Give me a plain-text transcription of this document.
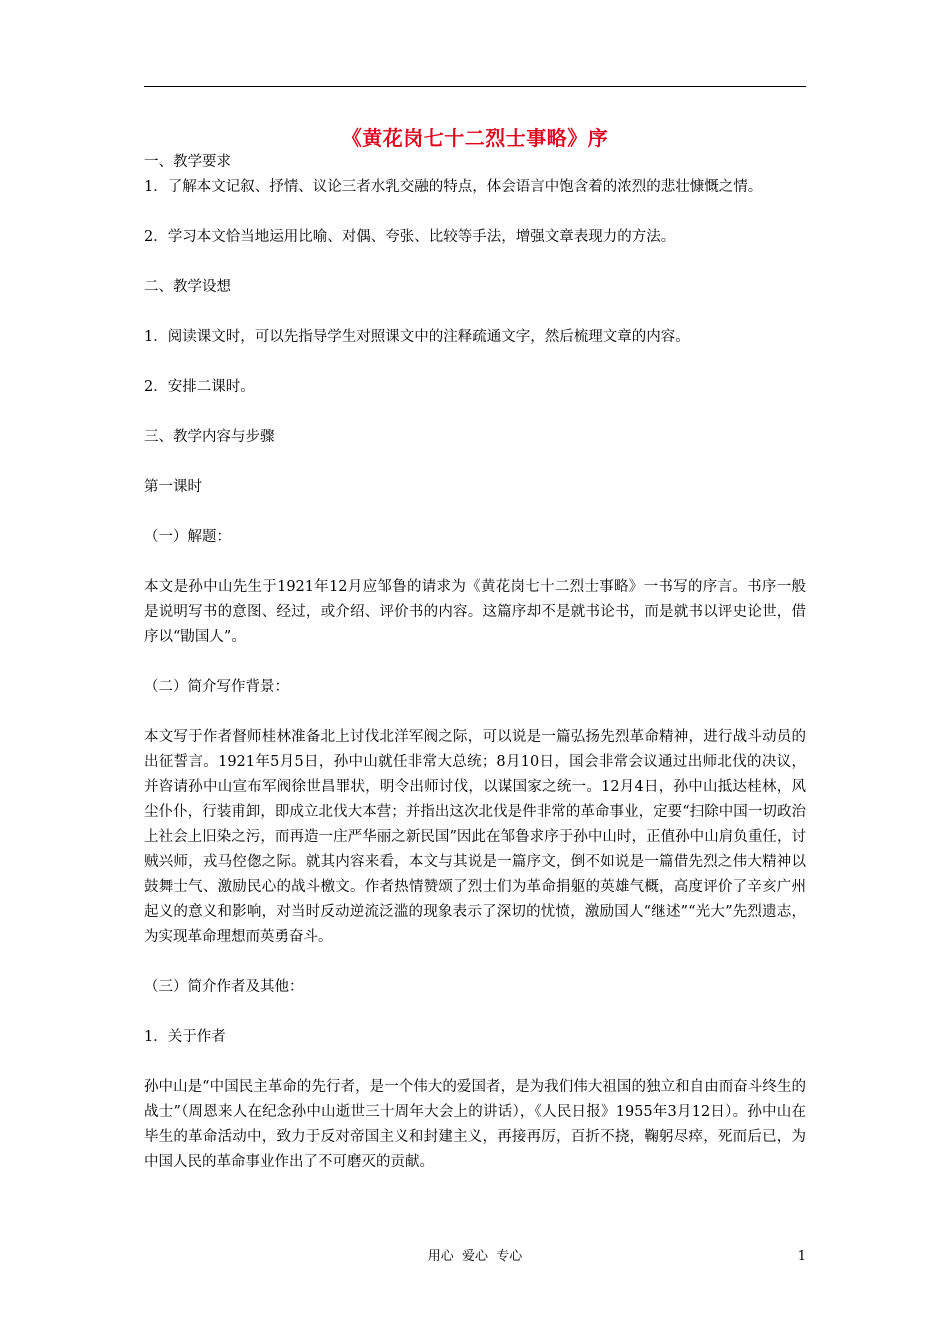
《黄花岗七十二烈士事略》序

一、教学要求

1．了解本文记叙、抒情、议论三者水乳交融的特点，体会语言中饱含着的浓烈的悲壮慷慨之情。

2．学习本文恰当地运用比喻、对偶、夸张、比较等手法，增强文章表现力的方法。

二、教学设想

1．阅读课文时，可以先指导学生对照课文中的注释疏通文字，然后梳理文章的内容。

2．安排二课时。

三、教学内容与步骤

第一课时

（一）解题：

本文是孙中山先生于1921年12月应邹鲁的请求为《黄花岗七十二烈士事略》一书写的序言。书序一般是说明写书的意图、经过，或介绍、评价书的内容。这篇序却不是就书论书，而是就书以评史论世，借序以“勖国人”。

（二）简介写作背景：

本文写于作者督师桂林准备北上讨伐北洋军阀之际，可以说是一篇弘扬先烈革命精神，进行战斗动员的出征誓言。1921年5月5日，孙中山就任非常大总统；8月10日，国会非常会议通过出师北伐的决议，并咨请孙中山宣布军阀徐世昌罪状，明令出师讨伐，以谋国家之统一。12月4日，孙中山抵达桂林，风尘仆仆，行装甫卸，即成立北伐大本营；并指出这次北伐是件非常的革命事业，定要“扫除中国一切政治上社会上旧染之污，而再造一庄严华丽之新民国”因此在邹鲁求序于孙中山时，正值孙中山肩负重任，讨贼兴师，戎马倥偬之际。就其内容来看，本文与其说是一篇序文，倒不如说是一篇借先烈之伟大精神以鼓舞士气、激励民心的战斗檄文。作者热情赞颂了烈士们为革命捐躯的英雄气概，高度评价了辛亥广州起义的意义和影响，对当时反动逆流泛滥的现象表示了深切的忧愤，激励国人“继述”“光大”先烈遗志，为实现革命理想而英勇奋斗。

（三）简介作者及其他：

1．关于作者

孙中山是“中国民主革命的先行者，是一个伟大的爱国者，是为我们伟大祖国的独立和自由而奋斗终生的战士”（周恩来人在纪念孙中山逝世三十周年大会上的讲话），《人民日报》1955年3月12日）。孙中山在毕生的革命活动中，致力于反对帝国主义和封建主义，再接再厉，百折不挠，鞠躬尽瘁，死而后已，为中国人民的革命事业作出了不可磨灭的贡献。

用心  爱心  专心	1
